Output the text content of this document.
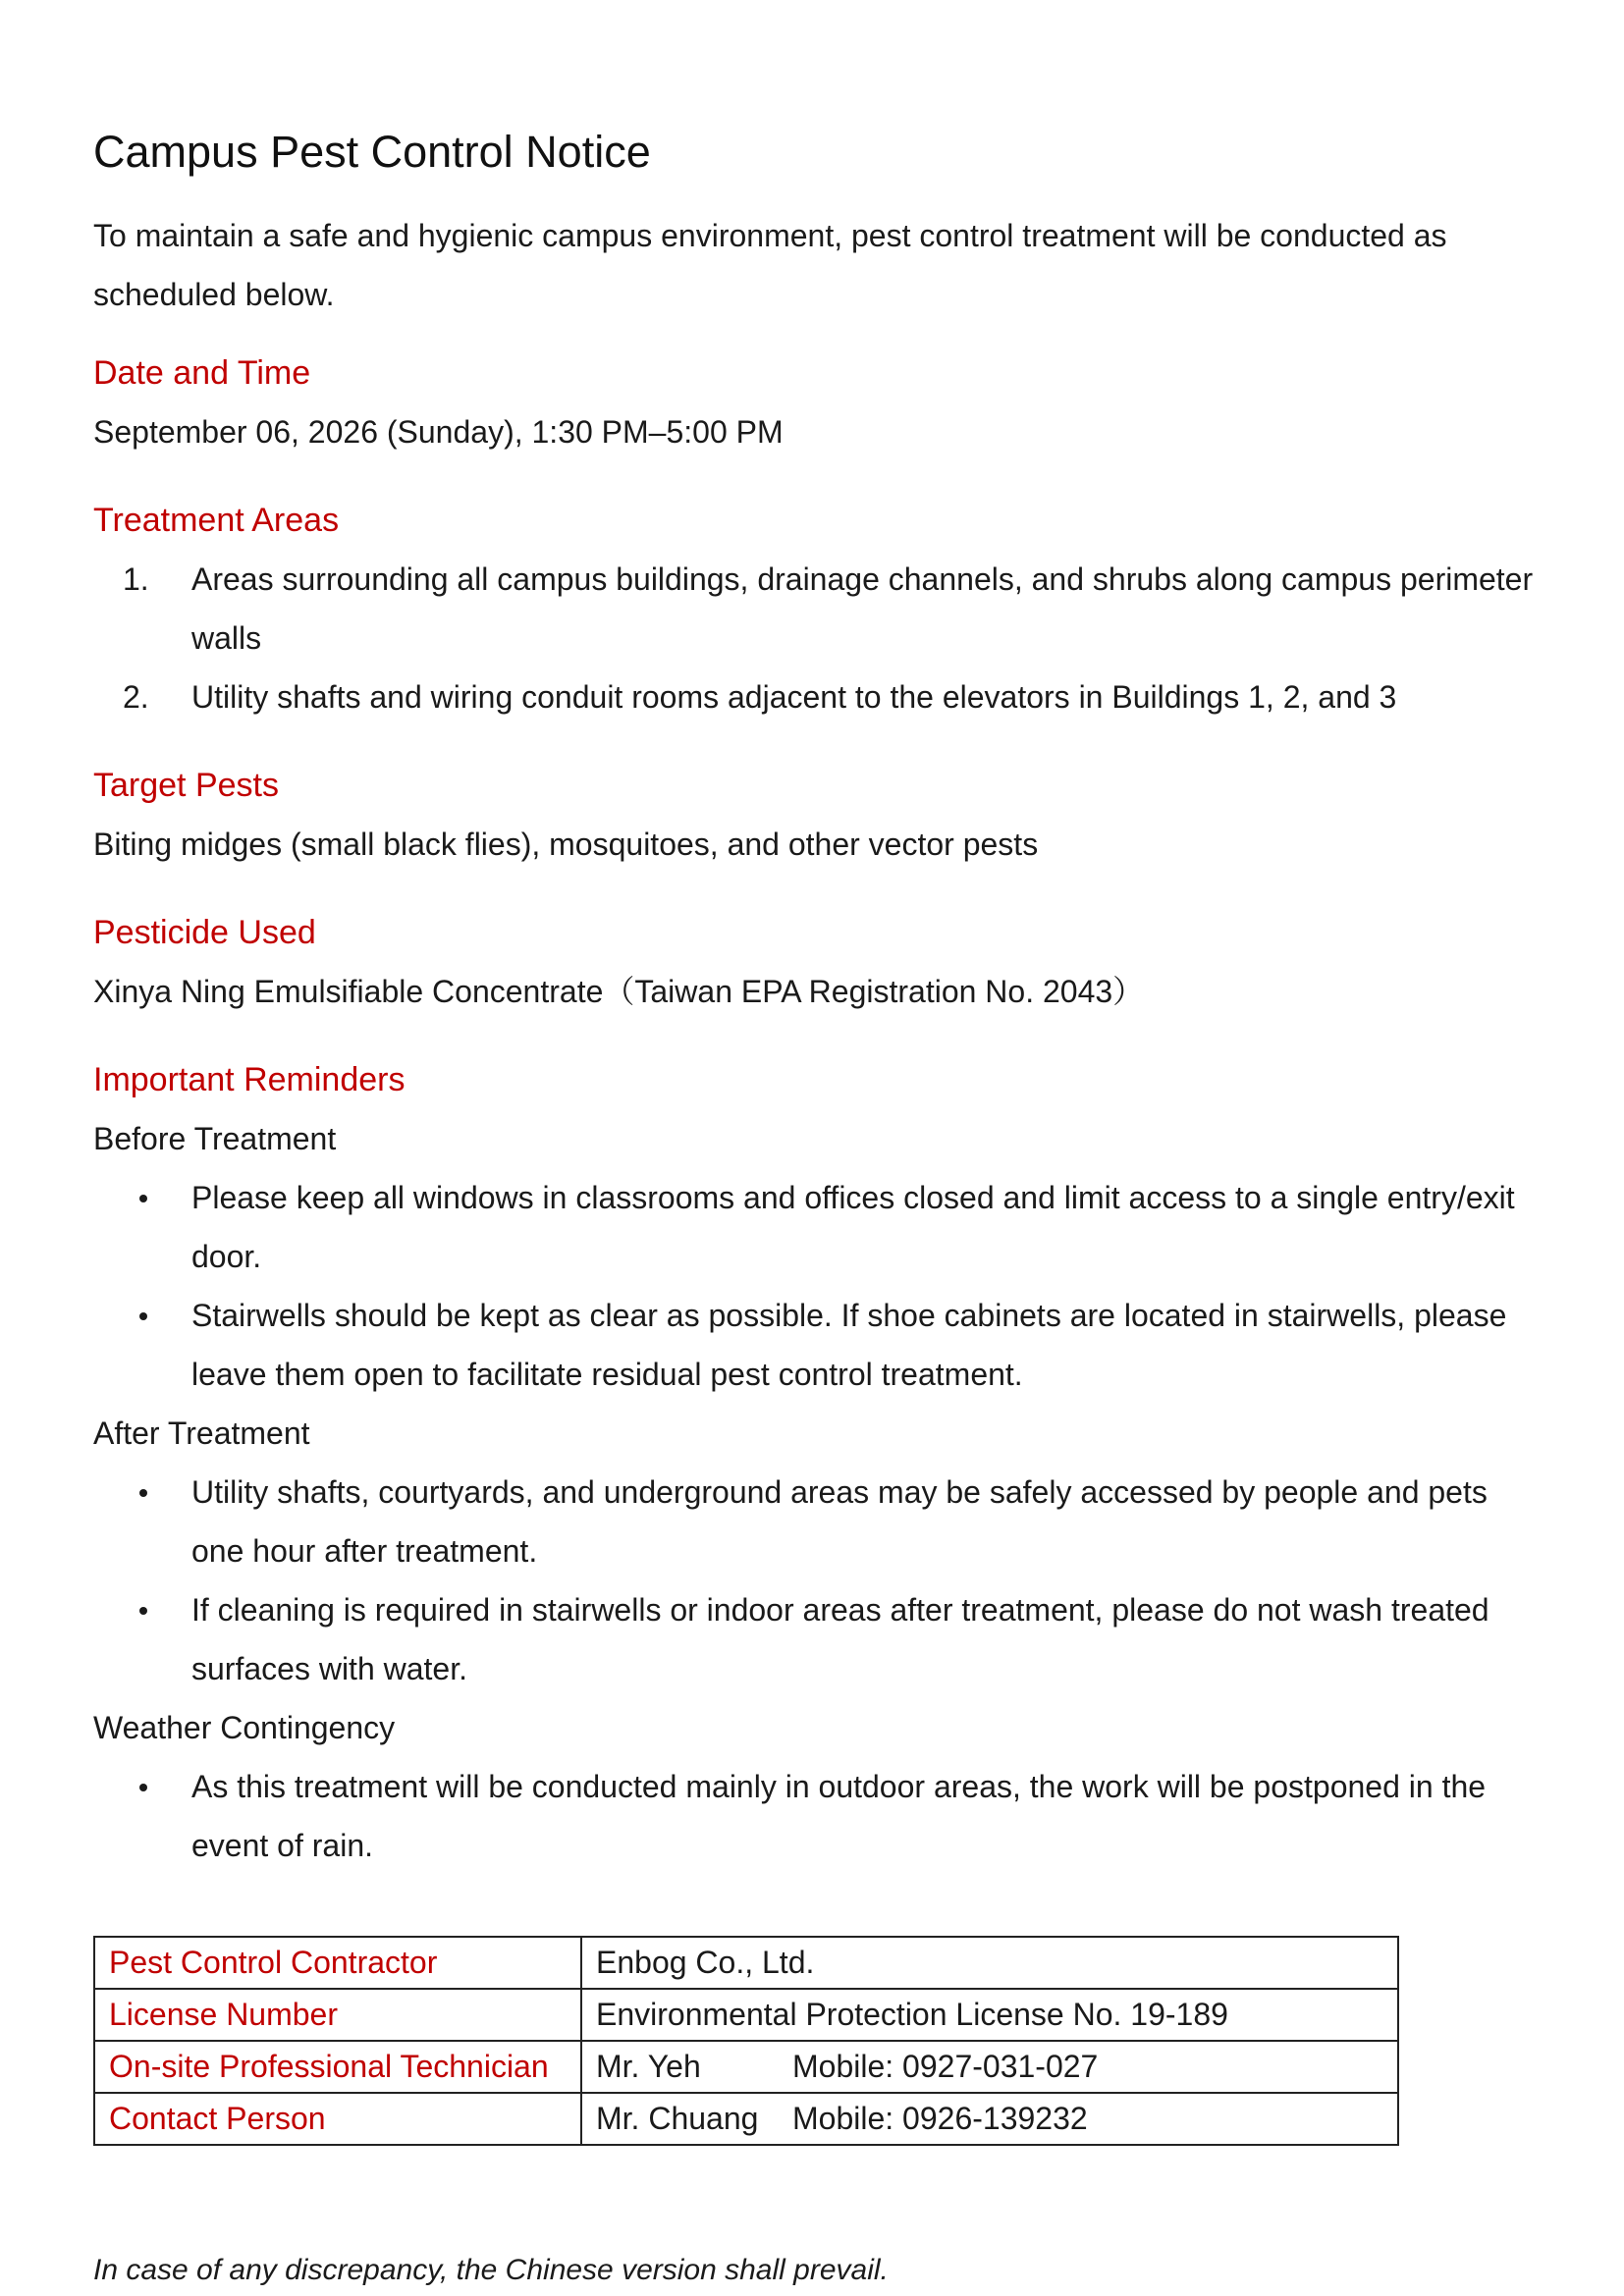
Campus Pest Control Notice

To maintain a safe and hygienic campus environment, pest control treatment will be conducted as scheduled below.

Date and Time

September 06, 2026 (Sunday), 1:30 PM–5:00 PM

Treatment Areas
1. Areas surrounding all campus buildings, drainage channels, and shrubs along campus perimeter walls
2. Utility shafts and wiring conduit rooms adjacent to the elevators in Buildings 1, 2, and 3
Target Pests

Biting midges (small black flies), mosquitoes, and other vector pests

Pesticide Used

Xinya Ning Emulsifiable Concentrate（Taiwan EPA Registration No. 2043）

Important Reminders

Before Treatment

Please keep all windows in classrooms and offices closed and limit access to a single entry/exit door.
Stairwells should be kept as clear as possible. If shoe cabinets are located in stairwells, please leave them open to facilitate residual pest control treatment.

After Treatment

Utility shafts, courtyards, and underground areas may be safely accessed by people and pets one hour after treatment.
If cleaning is required in stairwells or indoor areas after treatment, please do not wash treated surfaces with water.

Weather Contingency

As this treatment will be conducted mainly in outdoor areas, the work will be postponed in the event of rain.
Pest Control Contractor	Enbog Co., Ltd.
License Number	Environmental Protection License No. 19-189
On-site Professional Technician	Mr. Yeh Mobile: 0927-031-027
Contact Person	Mr. Chuang Mobile: 0926-139232

In case of any discrepancy, the Chinese version shall prevail.
